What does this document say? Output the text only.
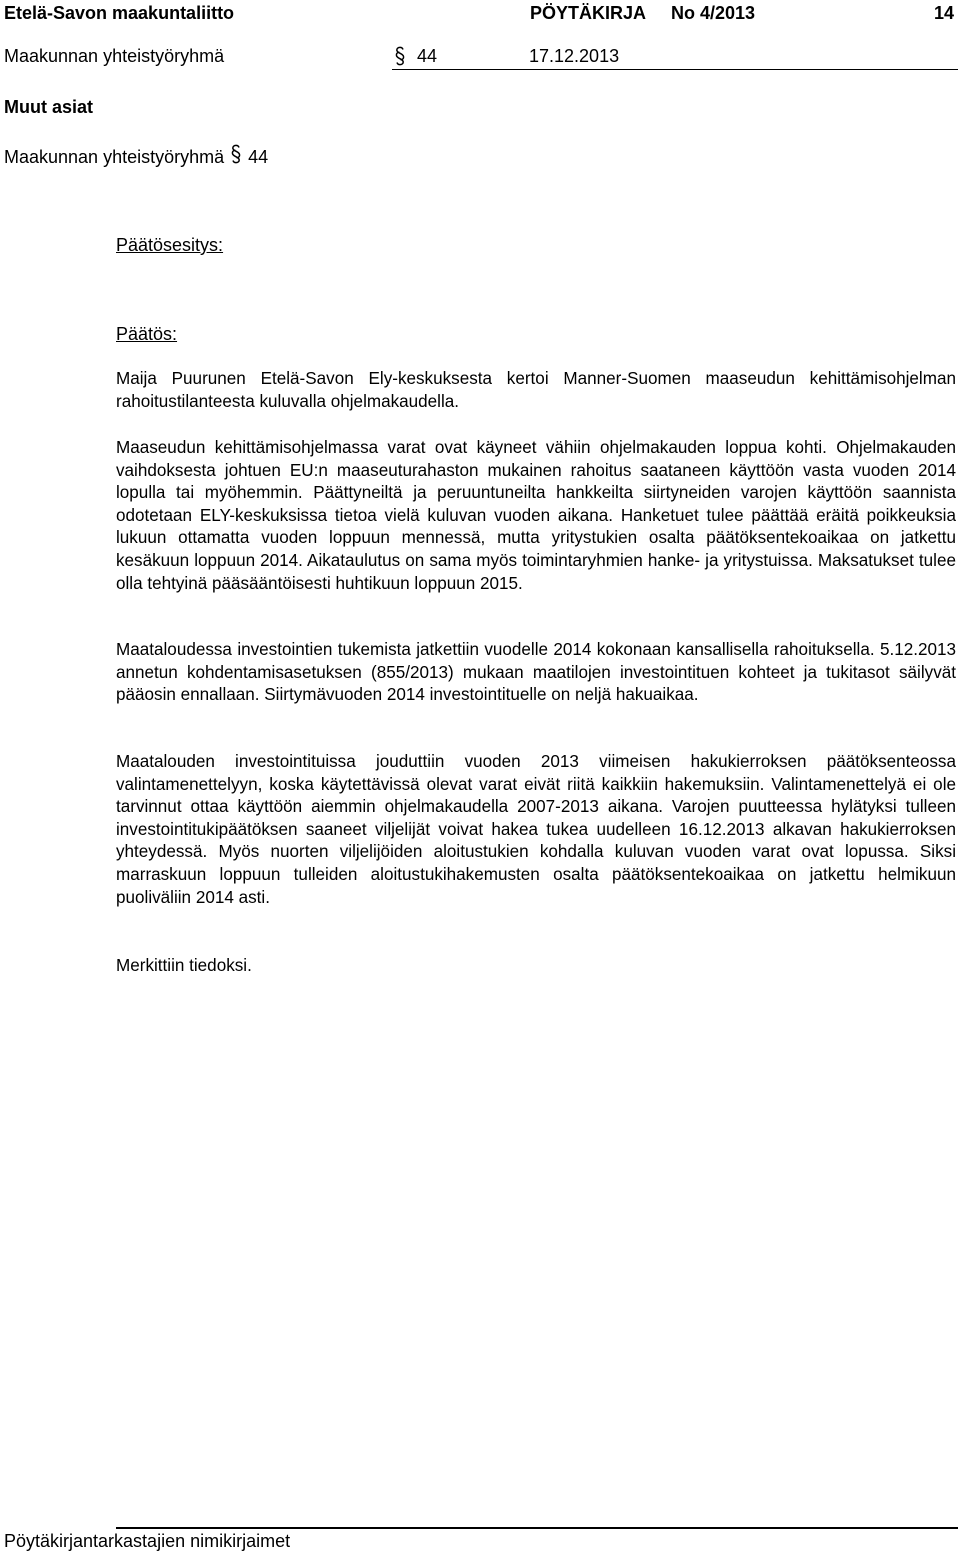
Etelä-Savon maakuntaliitto	PÖYTÄKIRJA No 4/2013	14
Maakunnan yhteistyöryhmä	44	17.12.2013
Muut asiat
Maakunnan yhteistyöryhmä 44
Päätösesitys:
Päätös:
Maija Puurunen Etelä-Savon Ely-keskuksesta kertoi Manner-Suomen maaseudun kehittämisohjelman rahoitustilanteesta kuluvalla ohjelmakaudella.
Maaseudun kehittämisohjelmassa varat ovat käyneet vähiin ohjelmakauden loppua kohti. Ohjelmakauden vaihdoksesta johtuen EU:n maaseuturahaston mukainen rahoitus saataneen käyttöön vasta vuoden 2014 lopulla tai myöhemmin. Päättyneiltä ja peruuntuneilta hankkeilta siirtyneiden varojen käyttöön saannista odotetaan ELY-keskuksissa tietoa vielä kuluvan vuoden aikana. Hanketuet tulee päättää eräitä poikkeuksia lukuun ottamatta vuoden loppuun mennessä, mutta yritystukien osalta päätöksentekoaikaa on jatkettu kesäkuun loppuun 2014. Aikataulutus on sama myös toimintaryhmien hanke- ja yritystuissa. Maksatukset tulee olla tehtyinä pääsääntöisesti huhtikuun loppuun 2015.
Maataloudessa investointien tukemista jatkettiin vuodelle 2014 kokonaan kansallisella rahoituksella. 5.12.2013 annetun kohdentamisasetuksen (855/2013) mukaan maatilojen investointituen kohteet ja tukitasot säilyvät pääosin ennallaan. Siirtymävuoden 2014 investointituelle on neljä hakuaikaa.
Maatalouden investointituissa jouduttiin vuoden 2013 viimeisen hakukierroksen päätöksenteossa valintamenettelyyn, koska käytettävissä olevat varat eivät riitä kaikkiin hakemuksiin. Valintamenettelyä ei ole tarvinnut ottaa käyttöön aiemmin ohjelmakaudella 2007-2013 aikana. Varojen puutteessa hylätyksi tulleen investointitukipäätöksen saaneet viljelijät voivat hakea tukea uudelleen 16.12.2013 alkavan hakukierroksen yhteydessä. Myös nuorten viljelijöiden aloitustukien kohdalla kuluvan vuoden varat ovat lopussa. Siksi marraskuun loppuun tulleiden aloitustukihakemusten osalta päätöksentekoaikaa on jatkettu helmikuun puoliväliin 2014 asti.
Merkittiin tiedoksi.
Pöytäkirjantarkastajien nimikirjaimet
